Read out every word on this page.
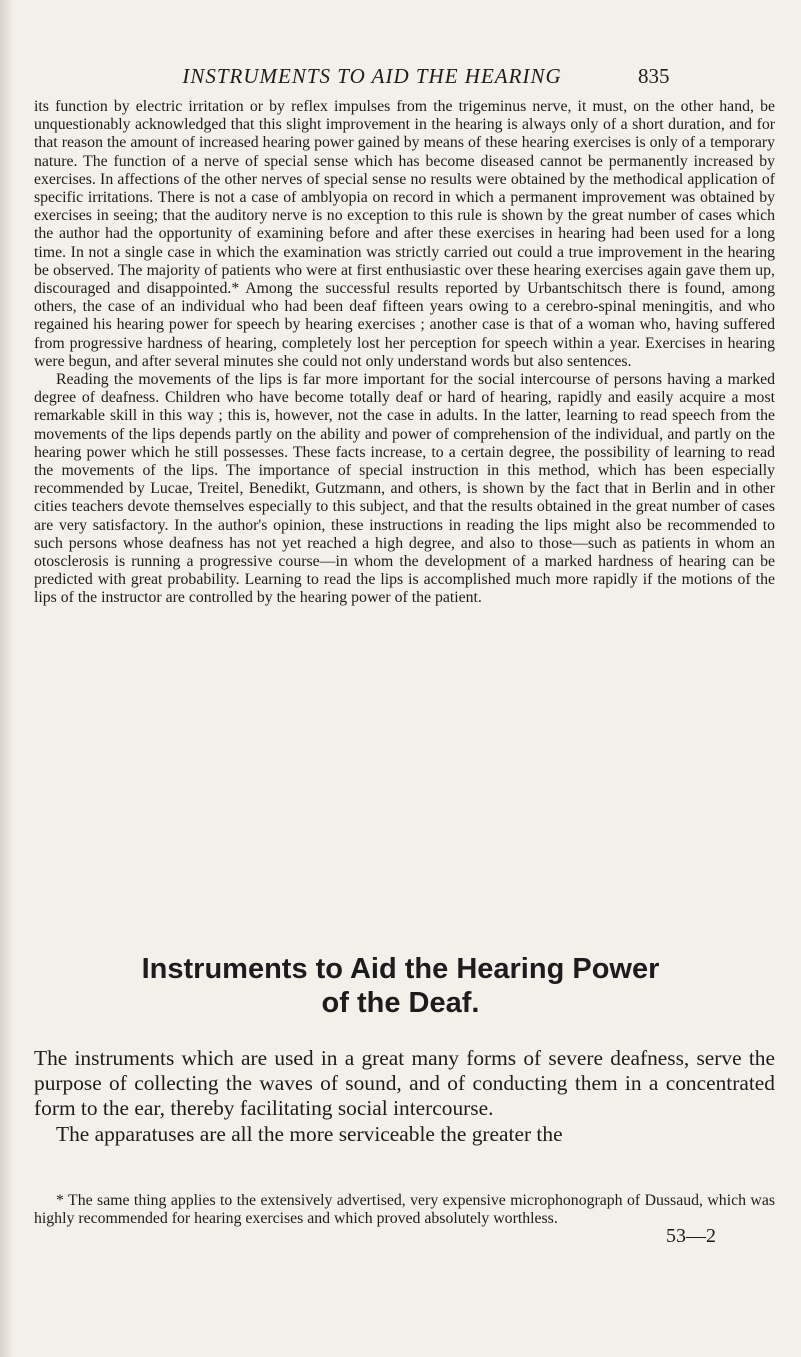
INSTRUMENTS TO AID THE HEARING	835

its function by electric irritation or by reflex impulses from the trigeminus nerve, it must, on the other hand, be unquestionably acknowledged that this slight improvement in the hearing is always only of a short duration, and for that reason the amount of increased hearing power gained by means of these hearing exercises is only of a temporary nature. The function of a nerve of special sense which has become diseased cannot be permanently increased by exercises. In affections of the other nerves of special sense no results were obtained by the methodical application of specific irritations. There is not a case of amblyopia on record in which a permanent improvement was obtained by exercises in seeing; that the auditory nerve is no exception to this rule is shown by the great number of cases which the author had the opportunity of examining before and after these exercises in hearing had been used for a long time. In not a single case in which the examination was strictly carried out could a true improvement in the hearing be observed. The majority of patients who were at first enthusiastic over these hearing exercises again gave them up, discouraged and disappointed.* Among the successful results reported by Urbantschitsch there is found, among others, the case of an individual who had been deaf fifteen years owing to a cerebro-spinal meningitis, and who regained his hearing power for speech by hearing exercises ; another case is that of a woman who, having suffered from progressive hardness of hearing, completely lost her perception for speech within a year. Exercises in hearing were begun, and after several minutes she could not only understand words but also sentences.

Reading the movements of the lips is far more important for the social intercourse of persons having a marked degree of deafness. Children who have become totally deaf or hard of hearing, rapidly and easily acquire a most remarkable skill in this way ; this is, however, not the case in adults. In the latter, learning to read speech from the movements of the lips depends partly on the ability and power of comprehension of the individual, and partly on the hearing power which he still possesses. These facts increase, to a certain degree, the possibility of learning to read the movements of the lips. The importance of special instruction in this method, which has been especially recommended by Lucae, Treitel, Benedikt, Gutzmann, and others, is shown by the fact that in Berlin and in other cities teachers devote themselves especially to this subject, and that the results obtained in the great number of cases are very satisfactory. In the author's opinion, these instructions in reading the lips might also be recommended to such persons whose deafness has not yet reached a high degree, and also to those—such as patients in whom an otosclerosis is running a progressive course—in whom the development of a marked hardness of hearing can be predicted with great probability. Learning to read the lips is accomplished much more rapidly if the motions of the lips of the instructor are controlled by the hearing power of the patient.

Instruments to Aid the Hearing Power
of the Deaf.

The instruments which are used in a great many forms of severe deafness, serve the purpose of collecting the waves of sound, and of conducting them in a concentrated form to the ear, thereby facilitating social intercourse.

The apparatuses are all the more serviceable the greater the

* The same thing applies to the extensively advertised, very expensive microphonograph of Dussaud, which was highly recommended for hearing exercises and which proved absolutely worthless.
53—2
